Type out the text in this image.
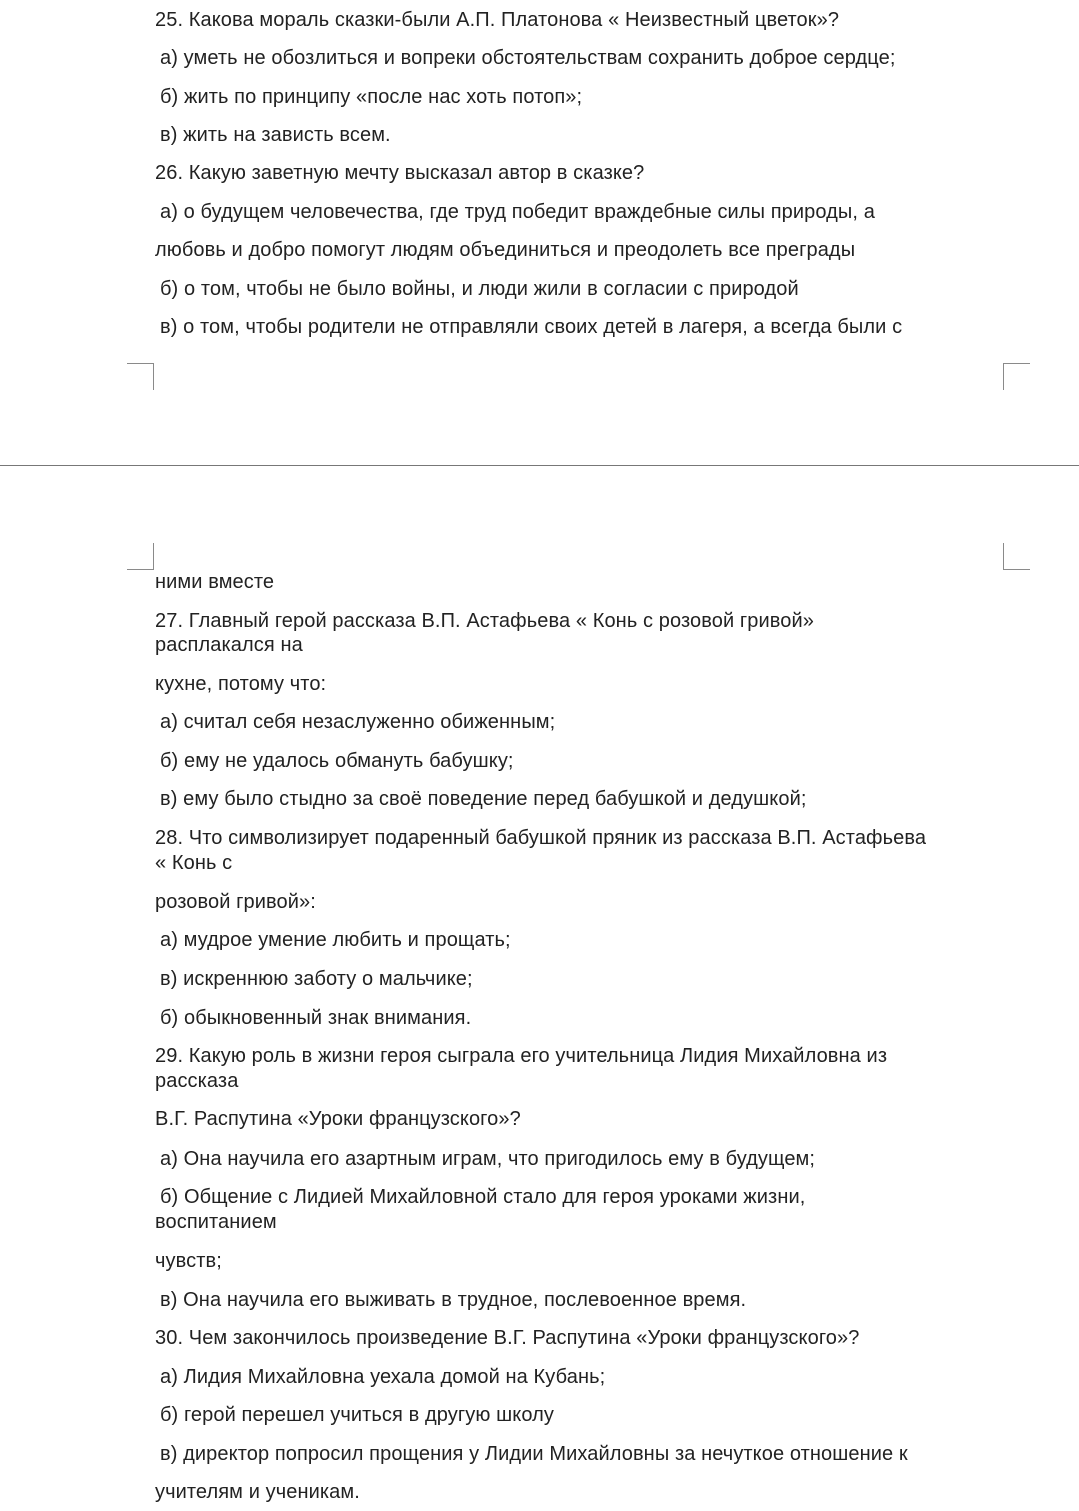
25. Какова мораль сказки-были А.П. Платонова « Неизвестный цветок»?
а) уметь не обозлиться и вопреки обстоятельствам сохранить доброе сердце;
б) жить по принципу «после нас хоть потоп»;
в) жить на зависть всем.
26. Какую заветную мечту высказал автор в сказке?
а) о будущем человечества, где труд победит враждебные силы природы, а
любовь и добро помогут людям объединиться и преодолеть все преграды
б) о том, чтобы не было войны, и люди жили в согласии с природой
в) о том, чтобы родители не отправляли своих детей в лагеря, а всегда были с
ними вместе
27. Главный герой рассказа В.П. Астафьева « Конь с розовой гривой»
расплакался на
кухне, потому что:
а) считал себя незаслуженно обиженным;
б) ему не удалось обмануть бабушку;
в) ему было стыдно за своё поведение перед бабушкой и дедушкой;
28. Что символизирует подаренный бабушкой пряник из рассказа В.П. Астафьева
« Конь с
розовой гривой»:
а) мудрое умение любить и прощать;
в) искреннюю заботу о мальчике;
б) обыкновенный знак внимания.
29. Какую роль в жизни героя сыграла его учительница Лидия Михайловна из
рассказа
В.Г. Распутина «Уроки французского»?
а) Она научила его азартным играм, что пригодилось ему в будущем;
б) Общение с Лидией Михайловной стало для героя уроками жизни,
воспитанием
чувств;
в) Она научила его выживать в трудное, послевоенное время.
30. Чем закончилось произведение В.Г. Распутина «Уроки французского»?
а) Лидия Михайловна уехала домой на Кубань;
б) герой перешел учиться в другую школу
в) директор попросил прощения у Лидии Михайловны за нечуткое отношение к
учителям и ученикам.
